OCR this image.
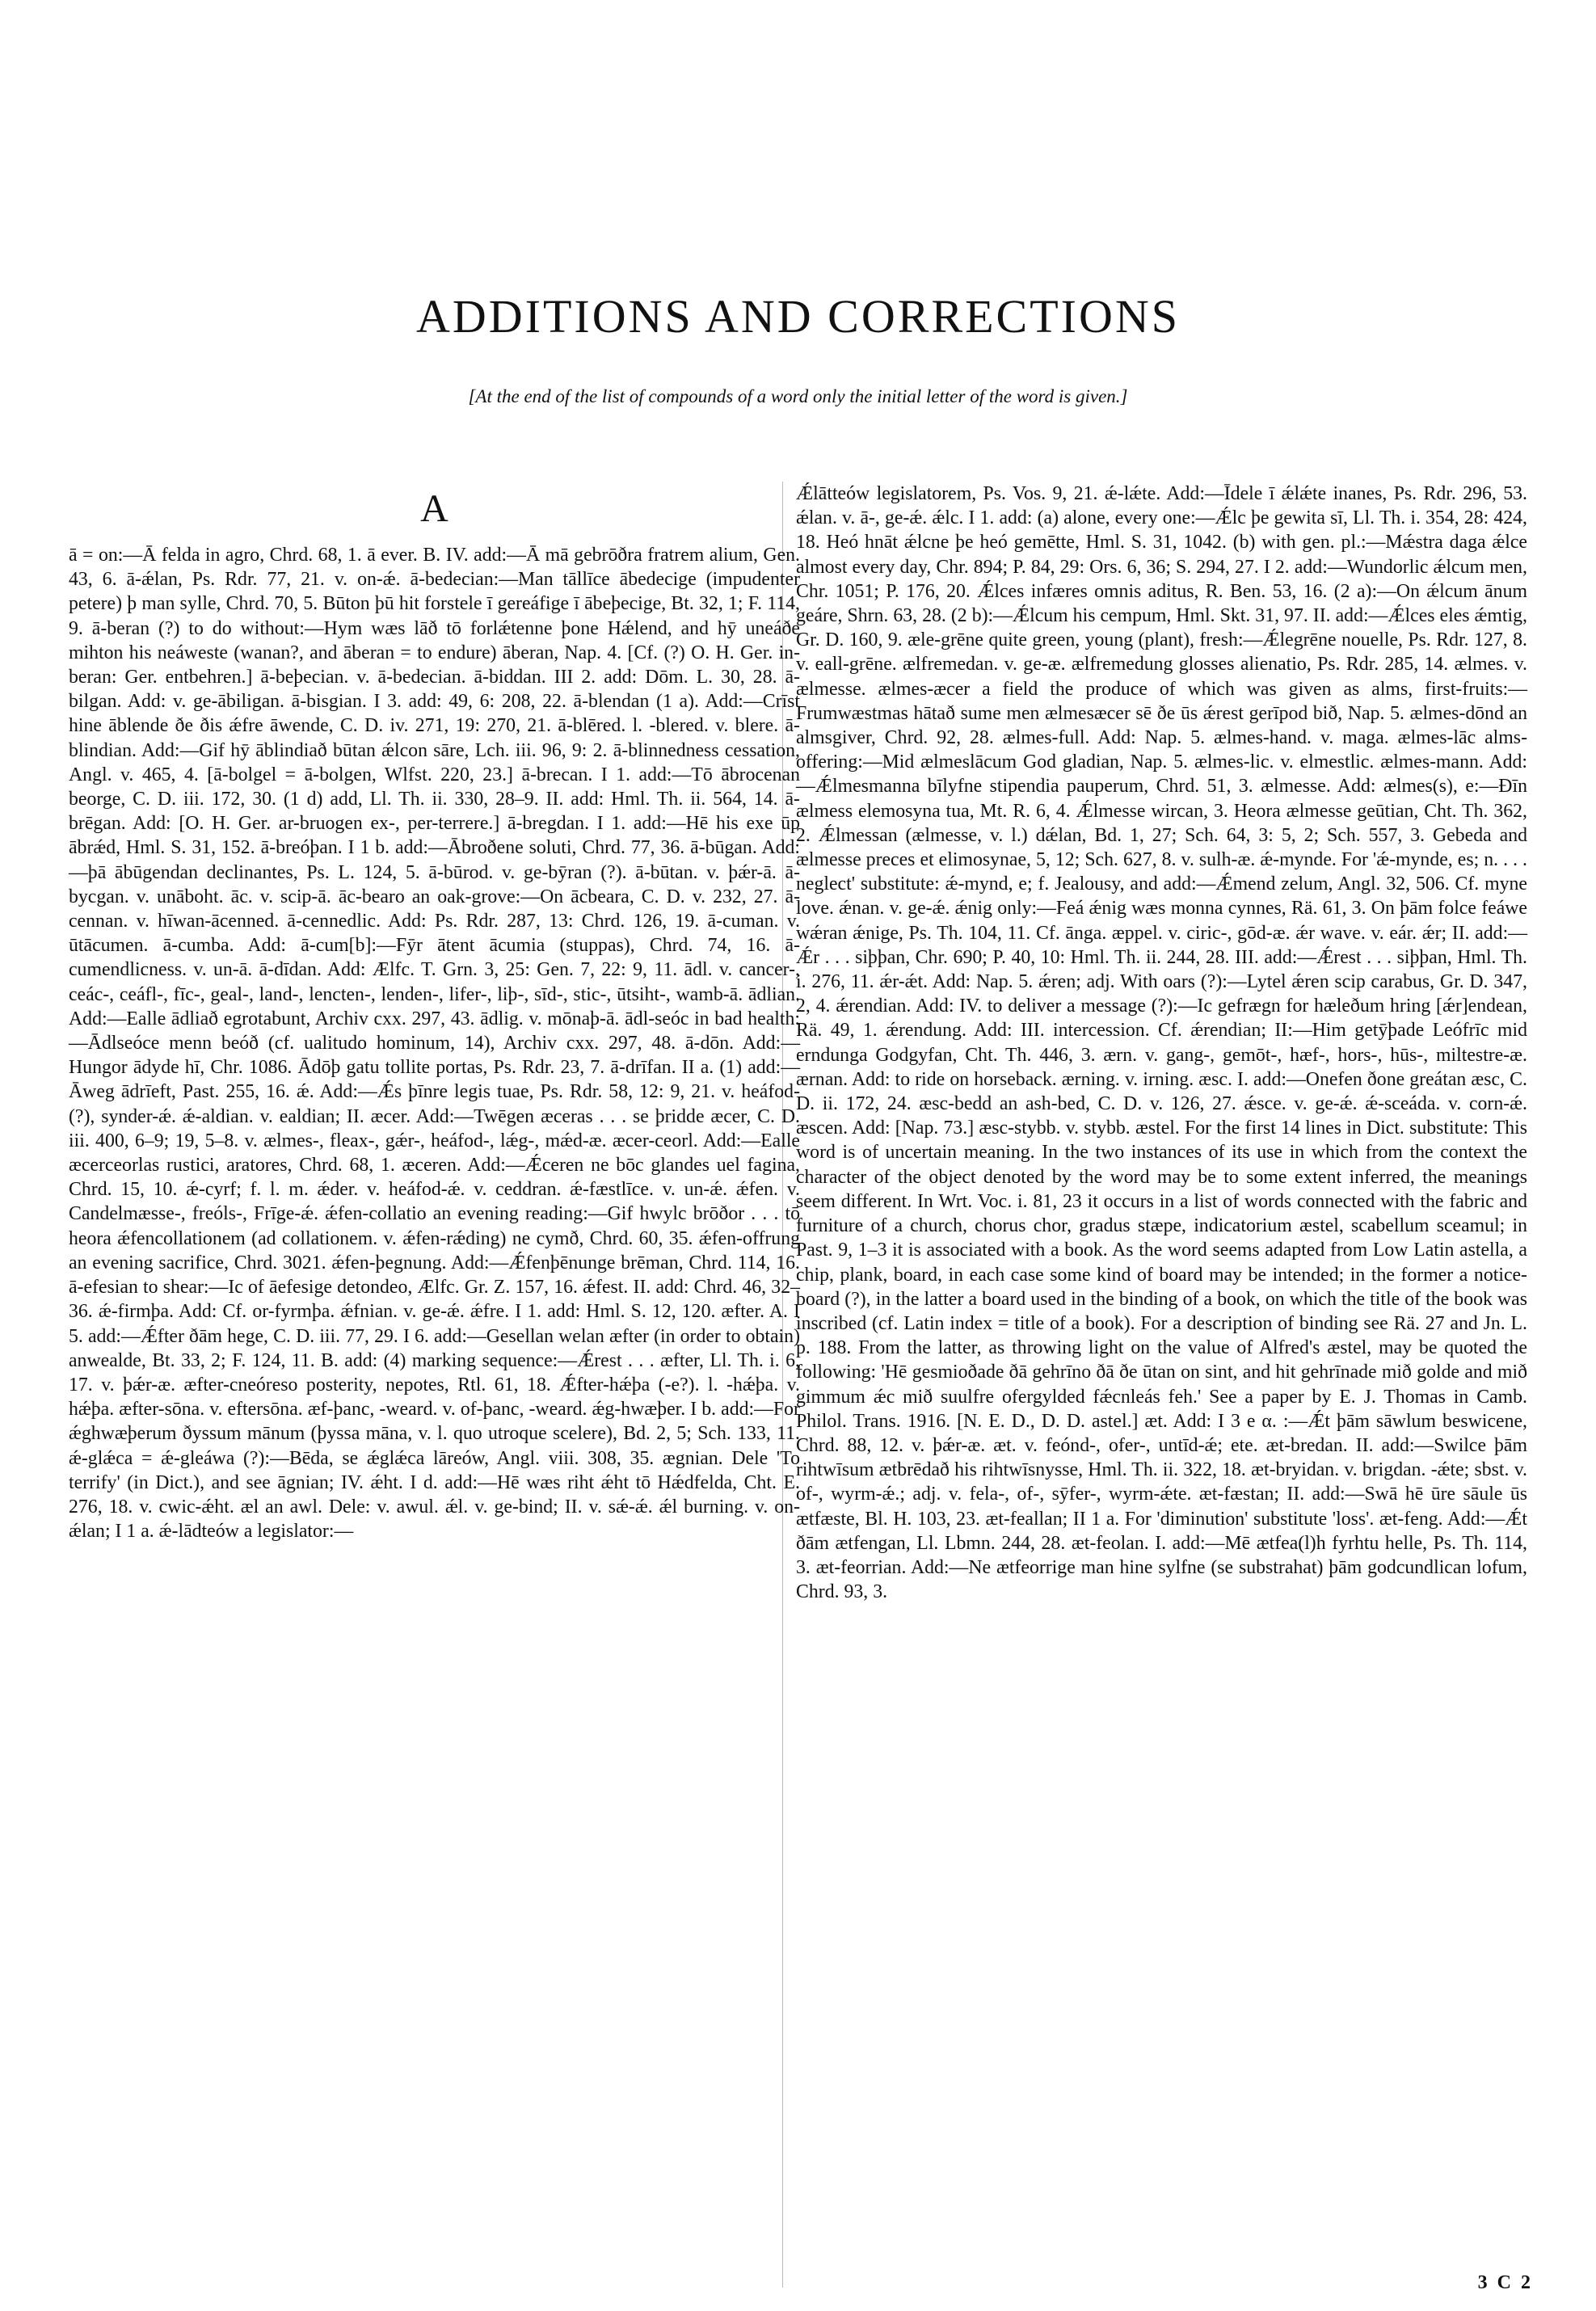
ADDITIONS AND CORRECTIONS

[At the end of the list of compounds of a word only the initial letter of the word is given.]

A

ā = on:—Ā felda in agro, Chrd. 68, 1. ā ever. B. IV. add:—Ā mā gebrōðra fratrem alium, Gen. 43, 6. ā-ǽlan, Ps. Rdr. 77, 21. v. on-ǽ. ā-bedecian:—Man tāllīce ābedecige (impudenter petere) þ man sylle, Chrd. 70, 5. Būton þū hit forstele ī gereáfige ī ābeþecige, Bt. 32, 1; F. 114, 9. ā-beran (?) to do without:—Hym wæs lāð tō forlǽtenne þone Hǽlend, and hȳ uneáðe mihton his neáweste (wanan?, and āberan = to endure) āberan, Nap. 4. [Cf. (?) O. H. Ger. in-beran: Ger. entbehren.] ā-beþecian. v. ā-bedecian. ā-biddan. III 2. add: Dōm. L. 30, 28. ā-bilgan. Add: v. ge-ābiligan. ā-bisgian. I 3. add: 49, 6: 208, 22. ā-blendan (1 a). Add:—Crīst hine āblende ðe ðis ǽfre āwende, C. D. iv. 271, 19: 270, 21. ā-blēred. l. -blered. v. blere. ā-blindian. Add:—Gif hȳ āblindiað būtan ǽlcon sāre, Lch. iii. 96, 9: 2. ā-blinnedness cessation, Angl. v. 465, 4. [ā-bolgel = ā-bolgen, Wlfst. 220, 23.] ā-brecan. I 1. add:—Tō ābrocenan beorge, C. D. iii. 172, 30. (1 d) add, Ll. Th. ii. 330, 28–9. II. add: Hml. Th. ii. 564, 14. ā-brēgan. Add: [O. H. Ger. ar-bruogen ex-, per-terrere.] ā-bregdan. I 1. add:—Hē his exe ūp ābrǽd, Hml. S. 31, 152. ā-breóþan. I 1 b. add:—Ābroðene soluti, Chrd. 77, 36. ā-būgan. Add:—þā ābūgendan declinantes, Ps. L. 124, 5. ā-būrod. v. ge-bȳran (?). ā-būtan. v. þǽr-ā. ā-bycgan. v. unāboht. āc. v. scip-ā. āc-bearo an oak-grove:—On ācbeara, C. D. v. 232, 27. ā-cennan. v. hīwan-ācenned. ā-cennedlic. Add: Ps. Rdr. 287, 13: Chrd. 126, 19. ā-cuman. v. ūtācumen. ā-cumba. Add: ā-cum[b]:—Fȳr ātent ācumia (stuppas), Chrd. 74, 16. ā-cumendlicness. v. un-ā. ā-dīdan. Add: Ælfc. T. Grn. 3, 25: Gen. 7, 22: 9, 11. ādl. v. cancer-, ceác-, ceáfl-, fīc-, geal-, land-, lencten-, lenden-, lifer-, liþ-, sīd-, stic-, ūtsiht-, wamb-ā. ādlian. Add:—Ealle ādliað egrotabunt, Archiv cxx. 297, 43. ādlig. v. mōnaþ-ā. ādl-seóc in bad health:—Ādlseóce menn beóð (cf. ualitudo hominum, 14), Archiv cxx. 297, 48. ā-dōn. Add:—Hungor ādyde hī, Chr. 1086. Ādōþ gatu tollite portas, Ps. Rdr. 23, 7. ā-drīfan. II a. (1) add:—Āweg ādrīeft, Past. 255, 16. ǽ. Add:—Ǽs þīnre legis tuae, Ps. Rdr. 58, 12: 9, 21. v. heáfod- (?), synder-ǽ. ǽ-aldian. v. ealdian; II. æcer. Add:—Twēgen æceras . . . se þridde æcer, C. D. iii. 400, 6–9; 19, 5–8. v. ælmes-, fleax-, gǽr-, heáfod-, lǽg-, mǽd-æ. æcer-ceorl. Add:—Ealle æcerceorlas rustici, aratores, Chrd. 68, 1. æceren. Add:—Ǽceren ne bōc glandes uel fagina, Chrd. 15, 10. ǽ-cyrf; f. l. m. ǽder. v. heáfod-ǽ. v. ceddran. ǽ-fæstlīce. v. un-ǽ. ǽfen. v. Candelmæsse-, freóls-, Frīge-ǽ. ǽfen-collatio an evening reading:—Gif hwylc brōðor . . . tō heora ǽfencollationem (ad collationem. v. ǽfen-rǽding) ne cymð, Chrd. 60, 35. ǽfen-offrung an evening sacrifice, Chrd. 3021. ǽfen-þegnung. Add:—Ǽfenþēnunge brēman, Chrd. 114, 16. ā-efesian to shear:—Ic of āefesige detondeo, Ælfc. Gr. Z. 157, 16. ǽfest. II. add: Chrd. 46, 32–36. ǽ-firmþa. Add: Cf. or-fyrmþa. ǽfnian. v. ge-ǽ. ǽfre. I 1. add: Hml. S. 12, 120. æfter. A. I 5. add:—Ǽfter ðām hege, C. D. iii. 77, 29. I 6. add:—Gesellan welan æfter (in order to obtain) anwealde, Bt. 33, 2; F. 124, 11. B. add: (4) marking sequence:—Ǽrest . . . æfter, Ll. Th. i. 6, 17. v. þǽr-æ. æfter-cneóreso posterity, nepotes, Rtl. 61, 18. Ǽfter-hǽþa (-e?). l. -hǽþa. v. hǽþa. æfter-sōna. v. eftersōna. æf-þanc, -weard. v. of-þanc, -weard. ǽg-hwæþer. I b. add:—For ǽghwæþerum ðyssum mānum (þyssa māna, v. l. quo utroque scelere), Bd. 2, 5; Sch. 133, 11. ǽ-glǽca = ǽ-gleáwa (?):—Bēda, se ǽglǽca lāreów, Angl. viii. 308, 35. ægnian. Dele 'To terrify' (in Dict.), and see āgnian; IV. ǽht. I d. add:—Hē wæs riht ǽht tō Hǽdfelda, Cht. E. 276, 18. v. cwic-ǽht. æl an awl. Dele: v. awul. ǽl. v. ge-bind; II. v. sǽ-ǽ. ǽl burning. v. on-ǽlan; I 1 a. ǽ-lādteów a legislator:—

Ǽlātteów legislatorem, Ps. Vos. 9, 21. ǽ-lǽte. Add:—Īdele ī ǽlǽte inanes, Ps. Rdr. 296, 53. ǽlan. v. ā-, ge-ǽ. ǽlc. I 1. add: (a) alone, every one:—Ǽlc þe gewita sī, Ll. Th. i. 354, 28: 424, 18. Heó hnāt ǽlcne þe heó gemētte, Hml. S. 31, 1042. (b) with gen. pl.:—Mǽstra daga ǽlce almost every day, Chr. 894; P. 84, 29: Ors. 6, 36; S. 294, 27. I 2. add:—Wundorlic ǽlcum men, Chr. 1051; P. 176, 20. Ǽlces infæres omnis aditus, R. Ben. 53, 16. (2 a):—On ǽlcum ānum geáre, Shrn. 63, 28. (2 b):—Ǽlcum his cempum, Hml. Skt. 31, 97. II. add:—Ǽlces eles ǽmtig, Gr. D. 160, 9. æle-grēne quite green, young (plant), fresh:—Ǽlegrēne nouelle, Ps. Rdr. 127, 8. v. eall-grēne. ælfremedan. v. ge-æ. ælfremedung glosses alienatio, Ps. Rdr. 285, 14. ælmes. v. ælmesse. ælmes-æcer a field the produce of which was given as alms, first-fruits:—Frumwæstmas hātað sume men ælmesæcer sē ðe ūs ǽrest gerīpod bið, Nap. 5. ælmes-dōnd an almsgiver, Chrd. 92, 28. ælmes-full. Add: Nap. 5. ælmes-hand. v. maga. ælmes-lāc alms-offering:—Mid ælmeslācum God gladian, Nap. 5. ælmes-lic. v. elmestlic. ælmes-mann. Add:—Ǽlmesmanna bīlyfne stipendia pauperum, Chrd. 51, 3. ælmesse. Add: ælmes(s), e:—Ðīn ælmess elemosyna tua, Mt. R. 6, 4. Ǽlmesse wircan, 3. Heora ælmesse geūtian, Cht. Th. 362, 2. Ǽlmessan (ælmesse, v. l.) dǽlan, Bd. 1, 27; Sch. 64, 3: 5, 2; Sch. 557, 3. Gebeda and ælmesse preces et elimosynae, 5, 12; Sch. 627, 8. v. sulh-æ. ǽ-mynde. For 'ǽ-mynde, es; n. . . . neglect' substitute: ǽ-mynd, e; f. Jealousy, and add:—Ǽmend zelum, Angl. 32, 506. Cf. myne love. ǽnan. v. ge-ǽ. ǽnig only:—Feá ǽnig wæs monna cynnes, Rä. 61, 3. On þām folce feáwe wǽran ǽnige, Ps. Th. 104, 11. Cf. ānga. æppel. v. ciric-, gōd-æ. ǽr wave. v. eár. ǽr; II. add:—Ǽr . . . siþþan, Chr. 690; P. 40, 10: Hml. Th. ii. 244, 28. III. add:—Ǽrest . . . siþþan, Hml. Th. i. 276, 11. ǽr-ǽt. Add: Nap. 5. ǽren; adj. With oars (?):—Lytel ǽren scip carabus, Gr. D. 347, 2, 4. ǽrendian. Add: IV. to deliver a message (?):—Ic gefrægn for hæleðum hring [ǽr]endean, Rä. 49, 1. ǽrendung. Add: III. intercession. Cf. ǽrendian; II:—Him getȳþade Leófrīc mid erndunga Godgyfan, Cht. Th. 446, 3. ærn. v. gang-, gemōt-, hæf-, hors-, hūs-, miltestre-æ. ærnan. Add: to ride on horseback. ærning. v. irning. æsc. I. add:—Onefen ðone greátan æsc, C. D. ii. 172, 24. æsc-bedd an ash-bed, C. D. v. 126, 27. ǽsce. v. ge-ǽ. ǽ-sceáda. v. corn-ǽ. æscen. Add: [Nap. 73.] æsc-stybb. v. stybb. æstel. For the first 14 lines in Dict. substitute: This word is of uncertain meaning. In the two instances of its use in which from the context the character of the object denoted by the word may be to some extent inferred, the meanings seem different. In Wrt. Voc. i. 81, 23 it occurs in a list of words connected with the fabric and furniture of a church, chorus chor, gradus stæpe, indicatorium æstel, scabellum sceamul; in Past. 9, 1–3 it is associated with a book. As the word seems adapted from Low Latin astella, a chip, plank, board, in each case some kind of board may be intended; in the former a notice-board (?), in the latter a board used in the binding of a book, on which the title of the book was inscribed (cf. Latin index = title of a book). For a description of binding see Rä. 27 and Jn. L. p. 188. From the latter, as throwing light on the value of Alfred's æstel, may be quoted the following: 'Hē gesmioðade ðā gehrīno ðā ðe ūtan on sint, and hit gehrīnade mið golde and mið gimmum ǽc mið suulfre ofergylded fǽcnleás feh.' See a paper by E. J. Thomas in Camb. Philol. Trans. 1916. [N. E. D., D. D. astel.] æt. Add: I 3 e α. :—Ǽt þām sāwlum beswicene, Chrd. 88, 12. v. þǽr-æ. æt. v. feónd-, ofer-, untīd-ǽ; ete. æt-bredan. II. add:—Swilce þām rihtwīsum ætbrēdað his rihtwīsnysse, Hml. Th. ii. 322, 18. æt-bryidan. v. brigdan. -ǽte; sbst. v. of-, wyrm-ǽ.; adj. v. fela-, of-, sȳfer-, wyrm-ǽte. æt-fæstan; II. add:—Swā hē ūre sāule ūs ætfæste, Bl. H. 103, 23. æt-feallan; II 1 a. For 'diminution' substitute 'loss'. æt-feng. Add:—Ǽt ðām ætfengan, Ll. Lbmn. 244, 28. æt-feolan. I. add:—Mē ætfea(l)h fyrhtu helle, Ps. Th. 114, 3. æt-feorrian. Add:—Ne ætfeorrige man hine sylfne (se substrahat) þām godcundlican lofum, Chrd. 93, 3.

3 C 2
